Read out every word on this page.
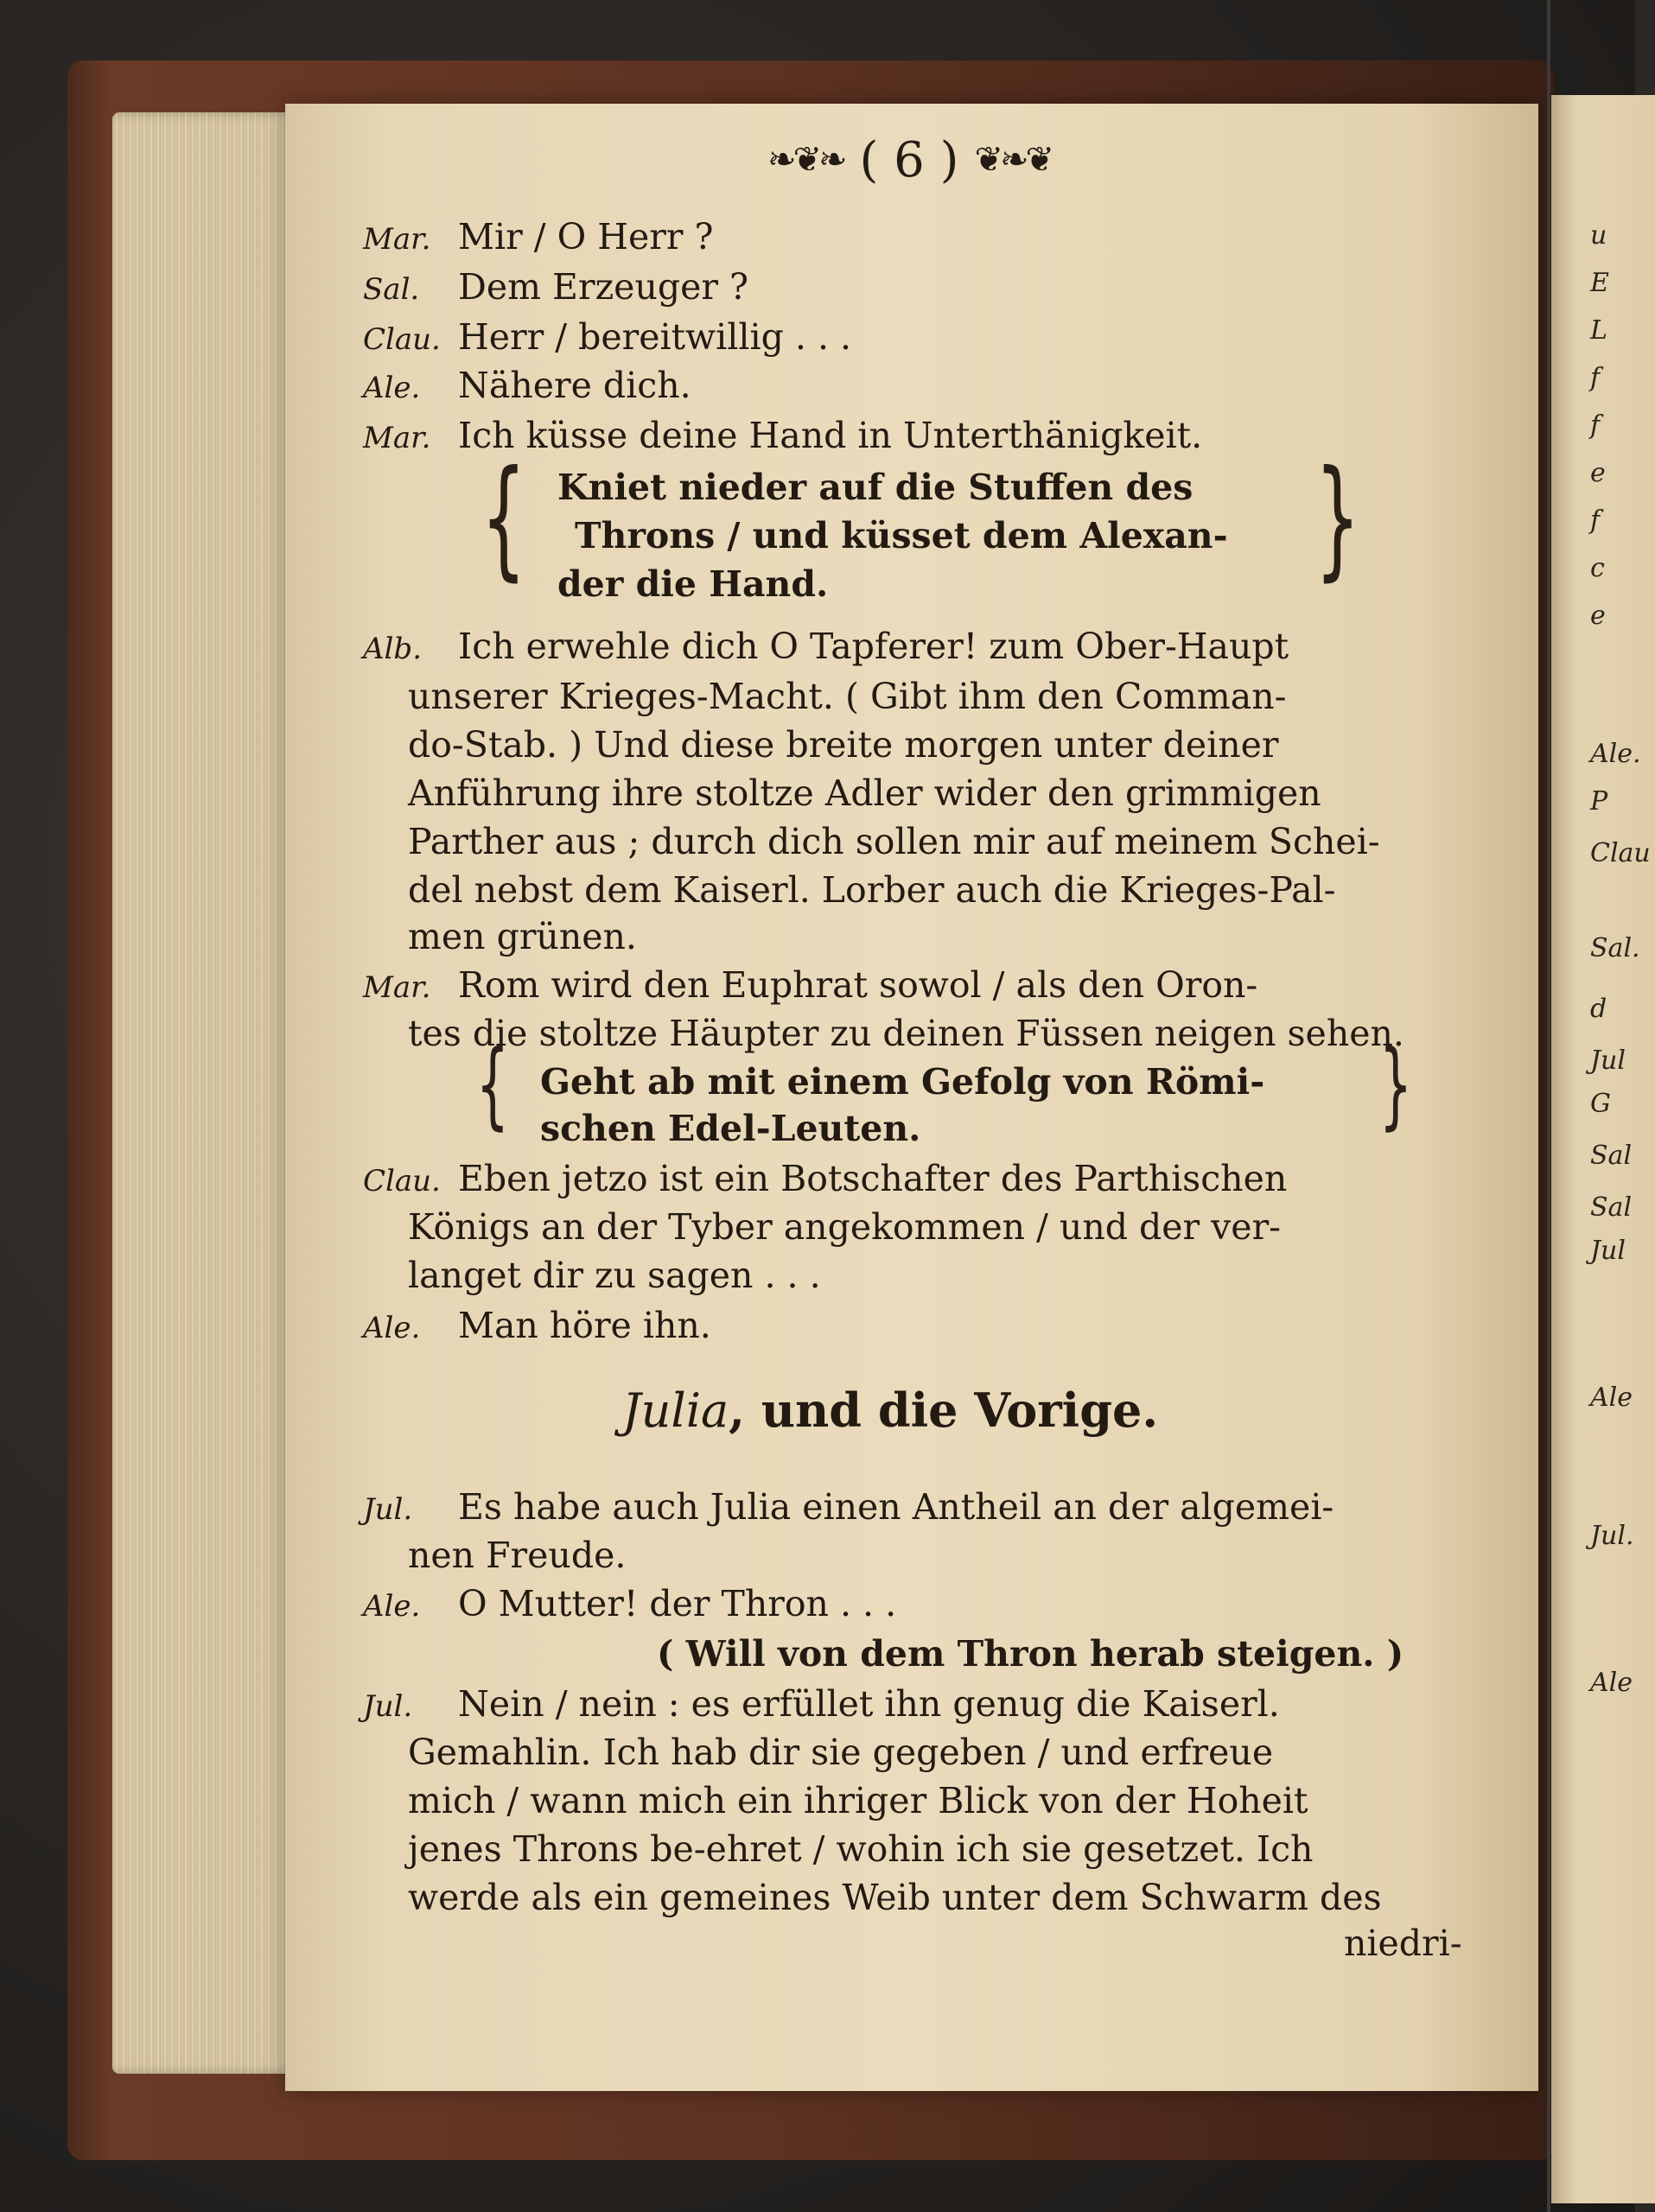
u
E
L
f
f
e
f
c
e
Ale.
P
Clau
Sal.
d
Jul
G
Sal
Sal
Jul
Ale
Jul.
Ale
❧❦❧ ( 6 ) ❦❧❦
Mar. Mir / O Herr ?
Sal. Dem Erzeuger ?
Clau. Herr / bereitwillig . . .
Ale. Nähere dich.
Mar. Ich küsse deine Hand in Unterthänigkeit.
{	}
Kniet nieder auf die Stuffen des
Throns / und küsset dem Alexan-
der die Hand.
Alb. Ich erwehle dich O Tapferer! zum Ober-Haupt
unserer Krieges-Macht. ( Gibt ihm den Comman-
do-Stab. ) Und diese breite morgen unter deiner
Anführung ihre stoltze Adler wider den grimmigen
Parther aus ; durch dich sollen mir auf meinem Schei-
del nebst dem Kaiserl. Lorber auch die Krieges-Pal-
men grünen.
Mar. Rom wird den Euphrat sowol / als den Oron-
tes die stoltze Häupter zu deinen Füssen neigen sehen.
{	}
Geht ab mit einem Gefolg von Römi-
schen Edel-Leuten.
Clau. Eben jetzo ist ein Botschafter des Parthischen
Königs an der Tyber angekommen / und der ver-
langet dir zu sagen . . .
Ale. Man höre ihn.
Julia, und die Vorige.
Jul. Es habe auch Julia einen Antheil an der algemei-
nen Freude.
Ale. O Mutter! der Thron . . .
( Will von dem Thron herab steigen. )
Jul. Nein / nein : es erfüllet ihn genug die Kaiserl.
Gemahlin. Ich hab dir sie gegeben / und erfreue
mich / wann mich ein ihriger Blick von der Hoheit
jenes Throns be-ehret / wohin ich sie gesetzet. Ich
werde als ein gemeines Weib unter dem Schwarm des
niedri-
